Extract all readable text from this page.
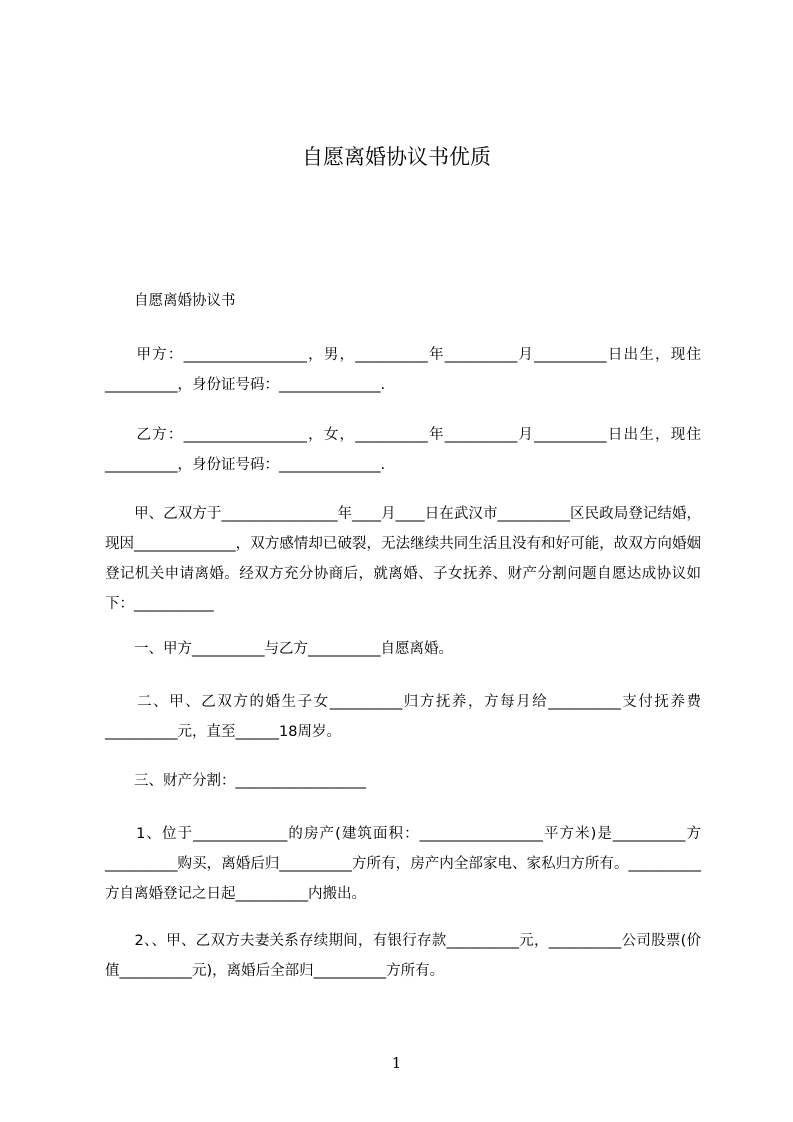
自愿离婚协议书优质

　　自愿离婚协议书

　　甲方：_________________，男，__________年__________月__________日出生，现住__________，身份证号码：______________.

　　乙方：_________________，女，__________年__________月__________日出生，现住__________，身份证号码：______________.

　　甲、乙双方于________________年____月____日在武汉市__________区民政局登记结婚，现因______________，双方感情却已破裂，无法继续共同生活且没有和好可能，故双方向婚姻登记机关申请离婚。经双方充分协商后，就离婚、子女抚养、财产分割问题自愿达成协议如下：___________

　　一、甲方__________与乙方__________自愿离婚。

　　二、甲、乙双方的婚生子女__________归方抚养，方每月给__________支付抚养费__________元，直至______18周岁。

　　三、财产分割：__________________

　　1、位于_____________的房产(建筑面积：_________________平方米)是__________方__________购买，离婚后归__________方所有，房产内全部家电、家私归方所有。__________方自离婚登记之日起__________内搬出。

　　2、、甲、乙双方夫妻关系存续期间，有银行存款__________元，__________公司股票(价值__________元)，离婚后全部归__________方所有。

1
